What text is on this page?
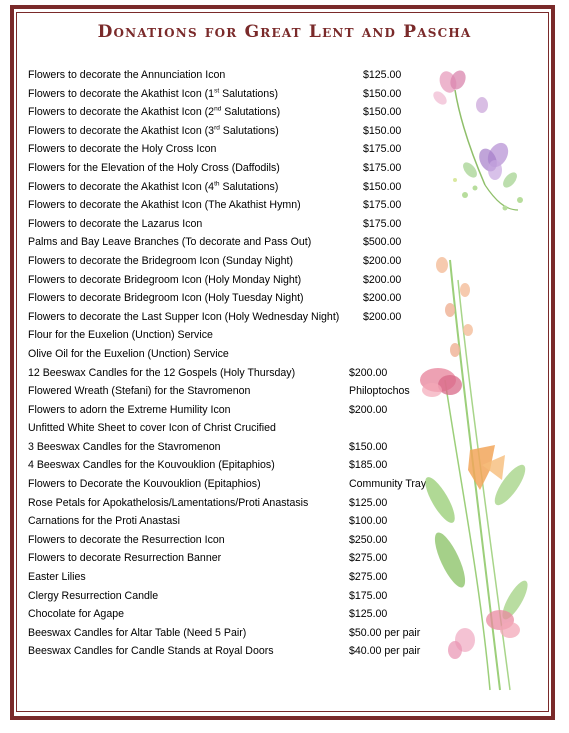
Donations for Great Lent and Pascha
Flowers to decorate the Annunciation Icon	$125.00
Flowers to decorate the Akathist Icon (1st Salutations)	$150.00
Flowers to decorate the Akathist Icon (2nd Salutations)	$150.00
Flowers to decorate the Akathist Icon (3rd Salutations)	$150.00
Flowers to decorate the Holy Cross Icon	$175.00
Flowers for the Elevation of the Holy Cross (Daffodils)	$175.00
Flowers to decorate the Akathist Icon (4th Salutations)	$150.00
Flowers to decorate the Akathist Icon (The Akathist Hymn)	$175.00
Flowers to decorate the Lazarus Icon	$175.00
Palms and Bay Leave Branches (To decorate and Pass Out)	$500.00
Flowers to decorate the Bridegroom Icon (Sunday Night)	$200.00
Flowers to decorate Bridegroom Icon (Holy Monday Night)	$200.00
Flowers to decorate Bridegroom Icon (Holy Tuesday Night)	$200.00
Flowers to decorate the Last Supper Icon (Holy Wednesday Night) $200.00
Flour for the Euxelion (Unction) Service
Olive Oil for the Euxelion (Unction) Service
12 Beeswax Candles for the 12 Gospels (Holy Thursday)	$200.00
Flowered Wreath (Stefani) for the Stavromenon	Philoptochos
Flowers to adorn the Extreme Humility Icon	$200.00
Unfitted White Sheet to cover Icon of Christ Crucified
3 Beeswax Candles for the Stavromenon	$150.00
4 Beeswax Candles for the Kouvouklion (Epitaphios)	$185.00
Flowers to Decorate the Kouvouklion (Epitaphios)	Community Tray
Rose Petals for Apokathelosis/Lamentations/Proti Anastasis	$125.00
Carnations for the Proti Anastasi	$100.00
Flowers to decorate the Resurrection Icon	$250.00
Flowers to decorate Resurrection Banner	$275.00
Easter Lilies	$275.00
Clergy Resurrection Candle	$175.00
Chocolate for Agape	$125.00
Beeswax Candles for Altar Table (Need 5 Pair)	$50.00 per pair
Beeswax Candles for Candle Stands at Royal Doors	$40.00 per pair
